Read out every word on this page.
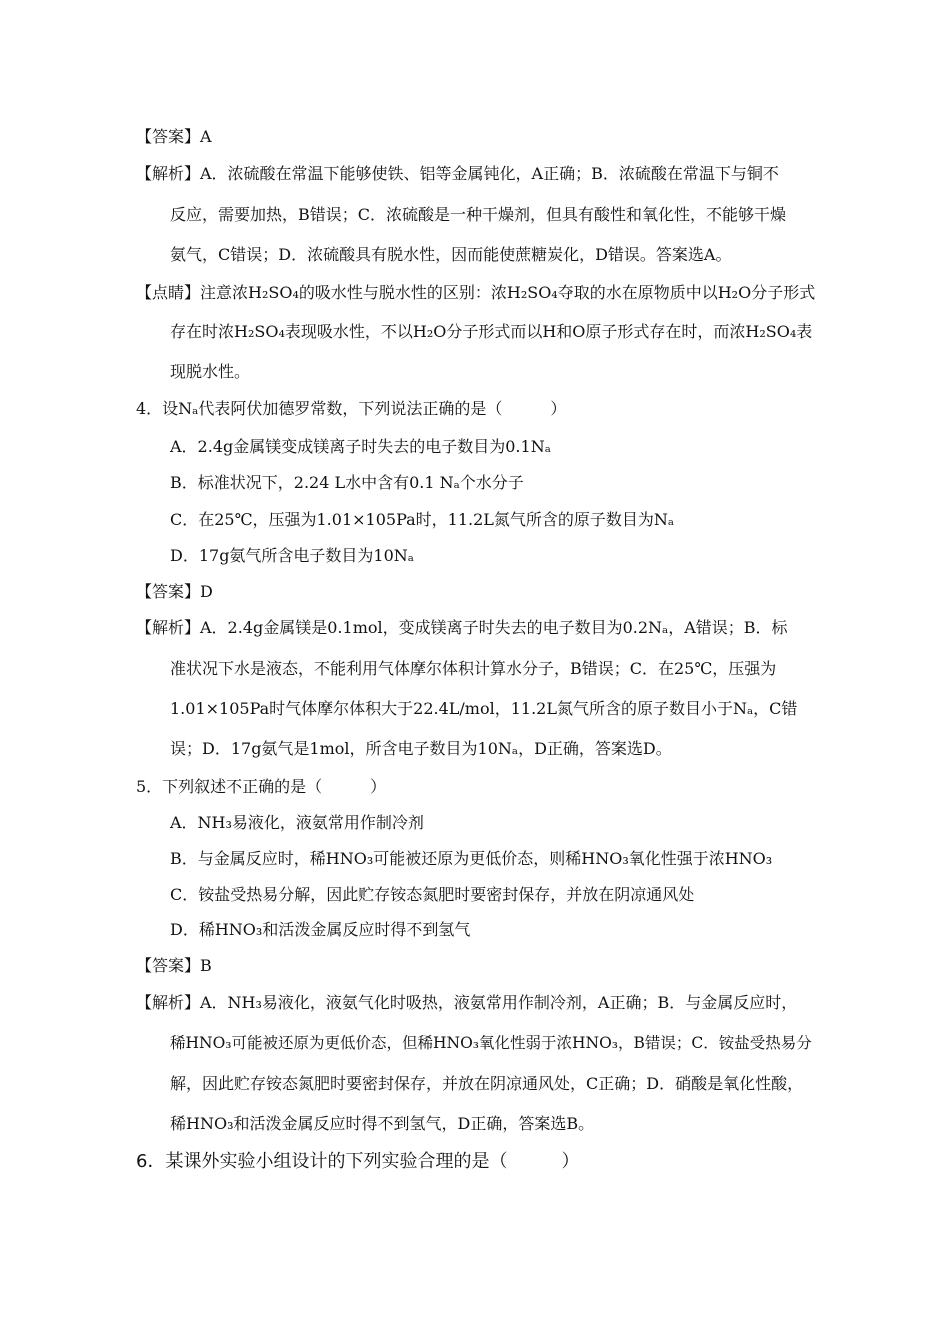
【答案】A
【解析】A．浓硫酸在常温下能够使铁、铝等金属钝化，A正确；B．浓硫酸在常温下与铜不
反应，需要加热，B错误；C．浓硫酸是一种干燥剂，但具有酸性和氧化性，不能够干燥
氨气，C错误；D．浓硫酸具有脱水性，因而能使蔗糖炭化，D错误。答案选A。
【点睛】注意浓H₂SO₄的吸水性与脱水性的区别：浓H₂SO₄夺取的水在原物质中以H₂O分子形式
存在时浓H₂SO₄表现吸水性，不以H₂O分子形式而以H和O原子形式存在时，而浓H₂SO₄表
现脱水性。
4．设Nₐ代表阿伏加德罗常数，下列说法正确的是（　　　）
A．2.4g金属镁变成镁离子时失去的电子数目为0.1Nₐ
B．标准状况下，2.24 L水中含有0.1 Nₐ个水分子
C．在25℃，压强为1.01×105Pa时，11.2L氮气所含的原子数目为Nₐ
D．17g氨气所含电子数目为10Nₐ
【答案】D
【解析】A．2.4g金属镁是0.1mol，变成镁离子时失去的电子数目为0.2Nₐ，A错误；B．标
准状况下水是液态，不能利用气体摩尔体积计算水分子，B错误；C．在25℃，压强为
1.01×105Pa时气体摩尔体积大于22.4L/mol，11.2L氮气所含的原子数目小于Nₐ，C错
误；D．17g氨气是1mol，所含电子数目为10Nₐ，D正确，答案选D。
5．下列叙述不正确的是（　　　）
A．NH₃易液化，液氨常用作制冷剂
B．与金属反应时，稀HNO₃可能被还原为更低价态，则稀HNO₃氧化性强于浓HNO₃
C．铵盐受热易分解，因此贮存铵态氮肥时要密封保存，并放在阴凉通风处
D．稀HNO₃和活泼金属反应时得不到氢气
【答案】B
【解析】A．NH₃易液化，液氨气化时吸热，液氨常用作制冷剂，A正确；B．与金属反应时，
稀HNO₃可能被还原为更低价态，但稀HNO₃氧化性弱于浓HNO₃，B错误；C．铵盐受热易分
解，因此贮存铵态氮肥时要密封保存，并放在阴凉通风处，C正确；D．硝酸是氧化性酸，
稀HNO₃和活泼金属反应时得不到氢气，D正确，答案选B。
6．某课外实验小组设计的下列实验合理的是（　　　）
